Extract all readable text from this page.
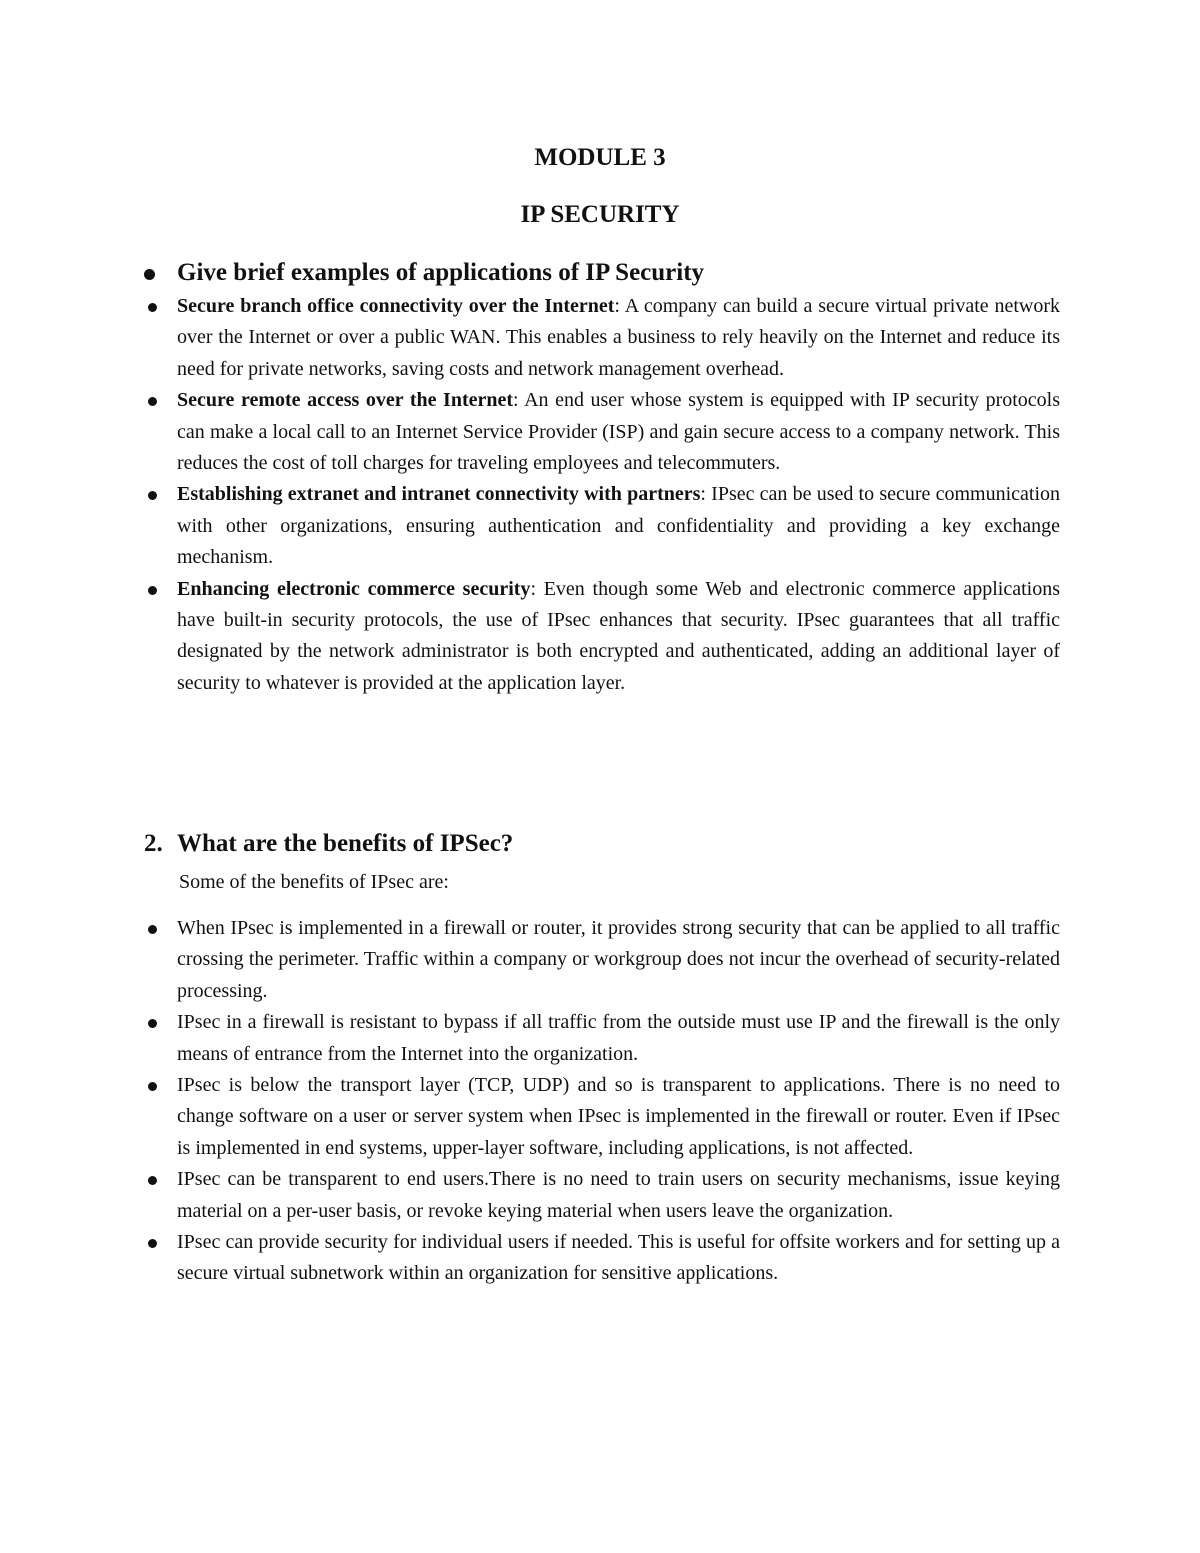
MODULE 3
IP SECURITY
Give brief examples of applications of IP Security
Secure branch office connectivity over the Internet: A company can build a secure virtual private network over the Internet or over a public WAN. This enables a business to rely heavily on the Internet and reduce its need for private networks, saving costs and network management overhead.
Secure remote access over the Internet: An end user whose system is equipped with IP security protocols can make a local call to an Internet Service Provider (ISP) and gain secure access to a company network. This reduces the cost of toll charges for traveling employees and telecommuters.
Establishing extranet and intranet connectivity with partners: IPsec can be used to secure communication with other organizations, ensuring authentication and confidentiality and providing a key exchange mechanism.
Enhancing electronic commerce security: Even though some Web and electronic commerce applications have built-in security protocols, the use of IPsec enhances that security. IPsec guarantees that all traffic designated by the network administrator is both encrypted and authenticated, adding an additional layer of security to whatever is provided at the application layer.
2. What are the benefits of IPSec?
Some of the benefits of IPsec are:
When IPsec is implemented in a firewall or router, it provides strong security that can be applied to all traffic crossing the perimeter. Traffic within a company or workgroup does not incur the overhead of security-related processing.
IPsec in a firewall is resistant to bypass if all traffic from the outside must use IP and the firewall is the only means of entrance from the Internet into the organization.
IPsec is below the transport layer (TCP, UDP) and so is transparent to applications. There is no need to change software on a user or server system when IPsec is implemented in the firewall or router. Even if IPsec is implemented in end systems, upper-layer software, including applications, is not affected.
IPsec can be transparent to end users.There is no need to train users on security mechanisms, issue keying material on a per-user basis, or revoke keying material when users leave the organization.
IPsec can provide security for individual users if needed. This is useful for offsite workers and for setting up a secure virtual subnetwork within an organization for sensitive applications.
